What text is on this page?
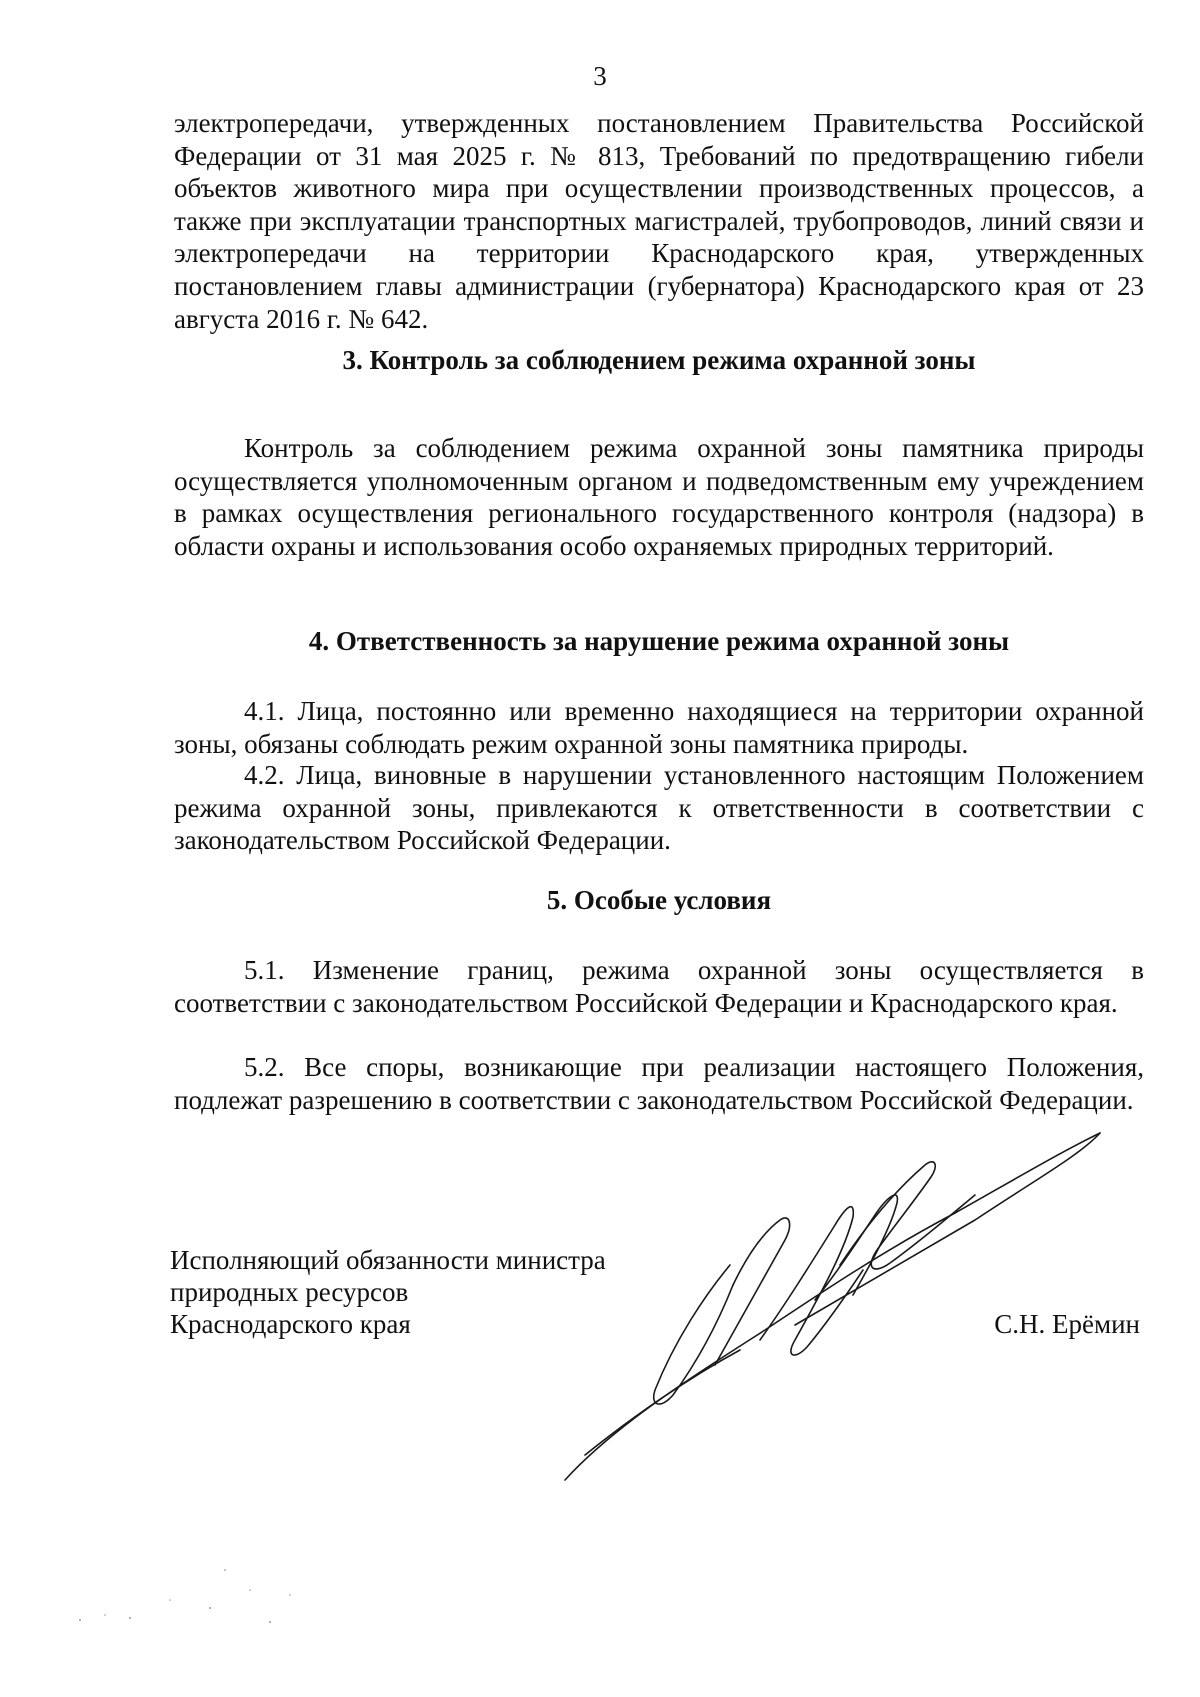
3

электропередачи, утвержденных постановлением Правительства Российской Федерации от 31 мая 2025 г. № 813, Требований по предотвращению гибели объектов животного мира при осуществлении производственных процессов, а также при эксплуатации транспортных магистралей, трубопроводов, линий связи и электропередачи на территории Краснодарского края, утвержденных постановлением главы администрации (губернатора) Краснодарского края от 23 августа 2016 г. № 642.

3. Контроль за соблюдением режима охранной зоны

Контроль за соблюдением режима охранной зоны памятника природы осуществляется уполномоченным органом и подведомственным ему учреждением в рамках осуществления регионального государственного контроля (надзора) в области охраны и использования особо охраняемых природных территорий.

4. Ответственность за нарушение режима охранной зоны

4.1. Лица, постоянно или временно находящиеся на территории охранной зоны, обязаны соблюдать режим охранной зоны памятника природы.

4.2. Лица, виновные в нарушении установленного настоящим Положением режима охранной зоны, привлекаются к ответственности в соответствии с законодательством Российской Федерации.

5. Особые условия

5.1. Изменение границ, режима охранной зоны осуществляется в соответствии с законодательством Российской Федерации и Краснодарского края.

5.2. Все споры, возникающие при реализации настоящего Положения, подлежат разрешению в соответствии с законодательством Российской Федерации.

Исполняющий обязанности министра
природных ресурсов
Краснодарского края	С.Н. Ерёмин
